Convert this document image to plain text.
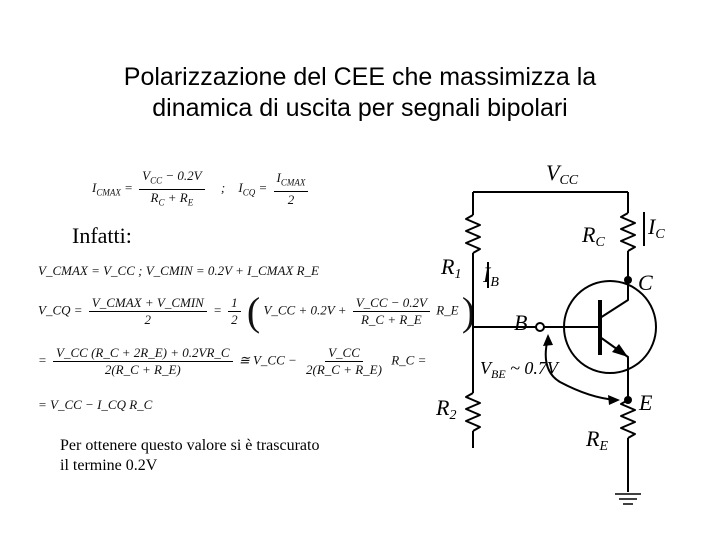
Polarizzazione del CEE che massimizza la
dinamica di uscita per segnali bipolari
$I_{CMAX} = \frac{V_{CC} - 0.2V}{R_C + R_E}$ ; $I_{CQ} = \frac{I_{CMAX}}{2}$
Infatti:
V_CMAX = V_CC ; V_CMIN = 0.2V + I_CMAX R_E
V_CQ = $\frac{\text{V\_CMAX + V\_CMIN}}{2} = \frac{1}{2}$ ( V_CC + $0.2V + \frac{V\_CC - 0.2V}{R\_C + R\_E}$ R_E )
= $\frac{V\_CC (R\_C + 2R\_E) + 0.2VR\_C}{2(R\_C + R\_E)}$ ≅ V_CC − $\frac{V\_CC}{2(R\_C + R\_E)}$ R_C =
= V_CC − I_CQ R_C
Per ottenere questo valore si è trascurato
il termine 0.2V
$V_{CC}$
$R_C$
$I_C$
$R_1$ $I_B$	C
B
$V_{BE}$ ~ 0.7V
$R_2$
E
$R_E$
